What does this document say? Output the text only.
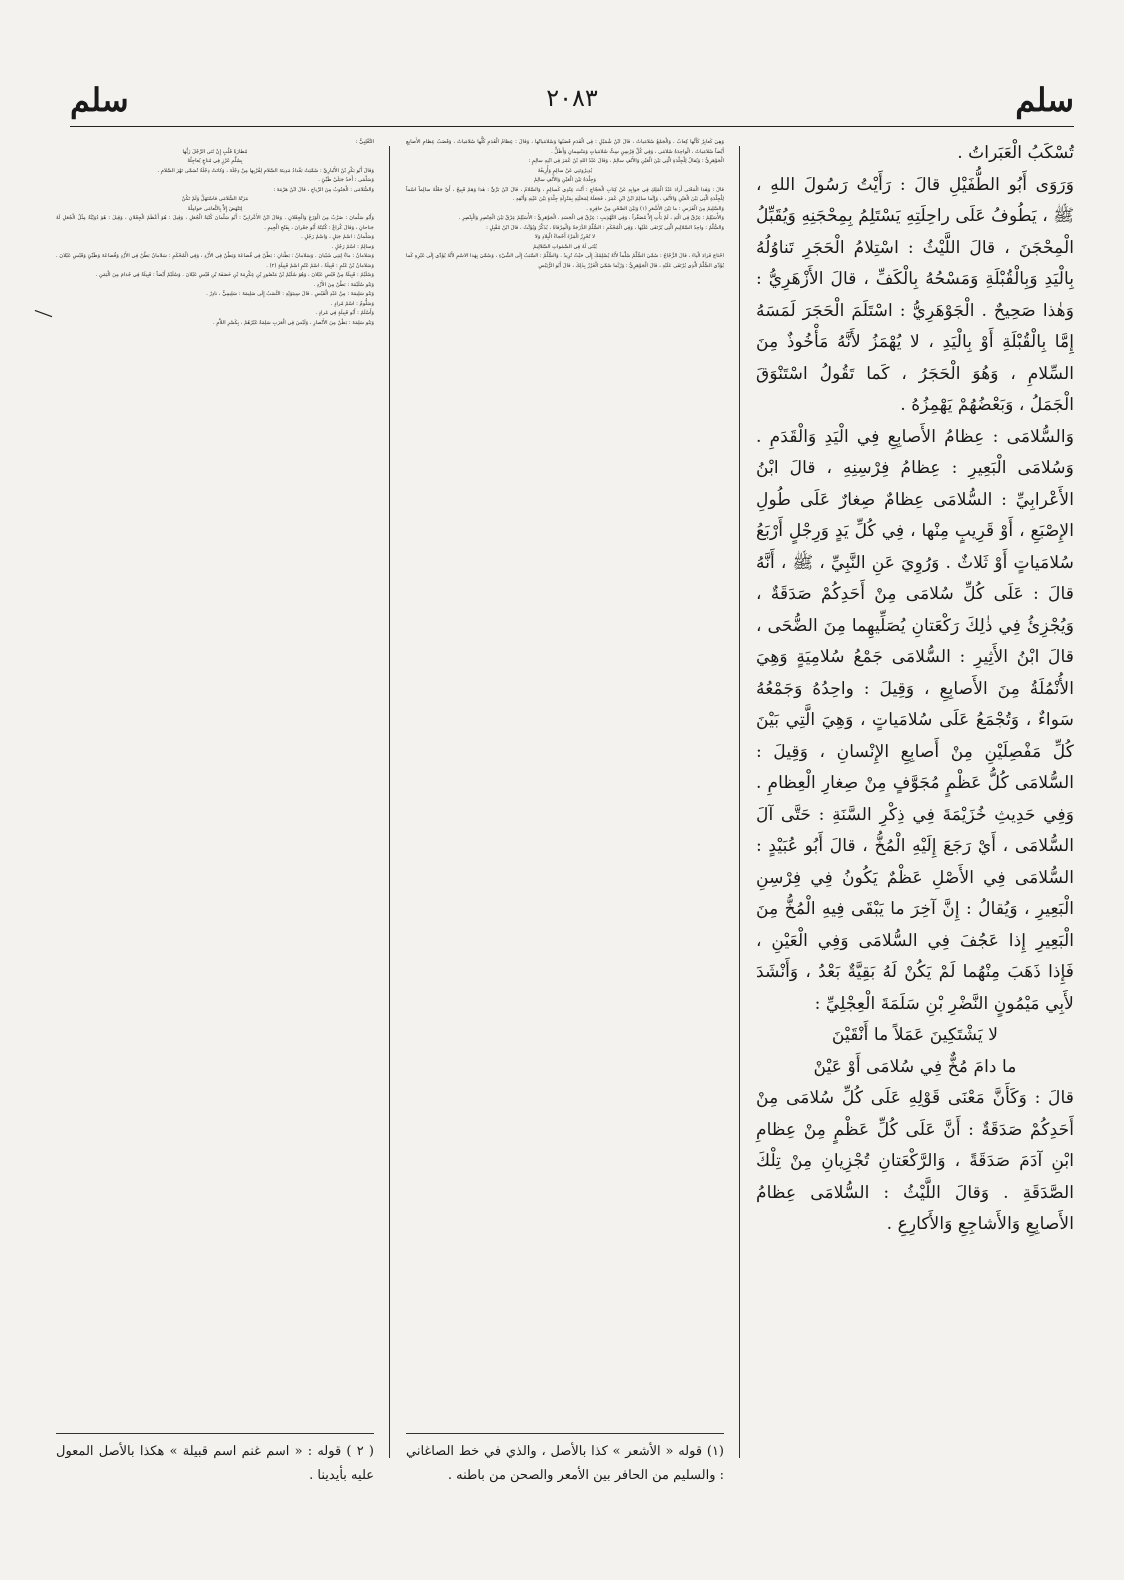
سلم
٢٠٨٣
سلم
—

تُسْكَبُ الْعَبَراتُ .

وَرَوَى أَبُو الطُّفَيْلِ قالَ : رَأَيْتُ رَسُولَ اللهِ ، ﷺ ، يَطُوفُ عَلَى راحِلَتِهِ يَسْتَلِمُ بِمِحْجَنِهِ وَيُقَبِّلُ الْمِحْجَنَ ، قالَ اللَّيْثُ : اسْتِلامُ الْحَجَرِ تَناوُلُهُ بِالْيَدِ وَبِالْقُبْلَةِ وَمَسْحُهُ بِالْكَفِّ ، قالَ الأَزْهَرِيُّ : وَهٰذا صَحِيحٌ . الْجَوْهَرِيُّ : اسْتَلَمَ الْحَجَرَ لَمَسَهُ إِمَّا بِالْقُبْلَةِ أَوْ بِالْيَدِ ، لا يُهْمَزُ لأَنَّهُ مَأْخُوذٌ مِنَ السِّلامِ ، وَهُوَ الْحَجَرُ ، كَما تَقُولُ اسْتَنْوَقَ الْجَمَلُ ، وَبَعْضُهُمْ يَهْمِزُهُ .

وَالسُّلامَى : عِظامُ الأَصابِعِ فِي الْيَدِ وَالْقَدَمِ . وَسُلامَى الْبَعِيرِ : عِظامُ فِرْسِنِهِ ، قالَ ابْنُ الأَعْرابِيِّ : السُّلامَى عِظامٌ صِغارٌ عَلَى طُولِ الإِصْبَعِ ، أَوْ قَرِيبٍ مِنْها ، فِي كُلِّ يَدٍ وَرِجْلٍ أَرْبَعُ سُلامَياتٍ أَوْ ثَلاثٌ . وَرُوِيَ عَنِ النَّبِيِّ ، ﷺ ، أَنَّهُ قالَ : عَلَى كُلِّ سُلامَى مِنْ أَحَدِكُمْ صَدَقَةٌ ، وَيُجْزِئُ فِي ذٰلِكَ رَكْعَتانِ يُصَلِّيهِما مِنَ الضُّحَى ، قالَ ابْنُ الأَثِيرِ : السُّلامَى جَمْعُ سُلامِيَةٍ وَهِيَ الأُنْمُلَةُ مِنَ الأَصابِعِ ، وَقِيلَ : واحِدُهُ وَجَمْعُهُ سَواءٌ ، وَتُجْمَعُ عَلَى سُلامَياتٍ ، وَهِيَ الَّتِي بَيْنَ كُلِّ مَفْصِلَيْنِ مِنْ أَصابِعِ الإِنْسانِ ، وَقِيلَ : السُّلامَى كُلُّ عَظْمٍ مُجَوَّفٍ مِنْ صِغارِ الْعِظامِ . وَفِي حَدِيثِ خُزَيْمَةَ فِي ذِكْرِ السَّنَةِ : حَتَّى آلَ السُّلامَى ، أَيْ رَجَعَ إِلَيْهِ الْمُخُّ ، قالَ أَبُو عُبَيْدٍ : السُّلامَى فِي الأَصْلِ عَظْمٌ يَكُونُ فِي فِرْسِنِ الْبَعِيرِ ، وَيُقالُ : إِنَّ آخِرَ ما يَبْقَى فِيهِ الْمُخُّ مِنَ الْبَعِيرِ إِذا عَجُفَ فِي السُّلامَى وَفِي الْعَيْنِ ، فَإِذا ذَهَبَ مِنْهُما لَمْ يَكُنْ لَهُ بَقِيَّةٌ بَعْدُ ، وَأَنْشَدَ لأَبِي مَيْمُونٍ النَّضْرِ بْنِ سَلَمَةَ الْعِجْلِيِّ :

لا يَشْتَكِينَ عَمَلاً ما أَنْقَيْنَ

ما دامَ مُخٌّ فِي سُلامَى أَوْ عَيْنْ

قالَ : وَكَأَنَّ مَعْنَى قَوْلِهِ عَلَى كُلِّ سُلامَى مِنْ أَحَدِكُمْ صَدَقَةٌ : أَنَّ عَلَى كُلِّ عَظْمٍ مِنْ عِظامِ ابْنِ آدَمَ صَدَقَةً ، وَالرَّكْعَتانِ تُجْزِيانِ مِنْ تِلْكَ الصَّدَقَةِ . وَقالَ اللَّيْثُ : السُّلامَى عِظامُ الأَصابِعِ وَالأَشاجِعِ وَالأَكارِعِ .

وَهِيَ كَعابِرُ كَأَنَّها كِعابٌ ، وَالْجَمْعُ سُلامَياتٌ ، قالَ ابْنُ شُمَيْلٍ : فِي الْقَدَمِ قَصَبُها وَسُلامَياتُها ، وَقالَ : عِظامُ الْقَدَمِ كُلُّها سُلامَياتٌ ، وَقَصَبُ عِظامِ الأَصابِعِ أَيْضاً سُلامَياتٌ ، الْواحِدَةُ سُلامَى ، وَفِي كُلِّ فِرْسِنٍ سِتُّ سُلامَياتٍ وَمَنْسِمانِ وَأَظَلُّ .

الْجَوْهَرِيُّ : وَيُقالُ لِلْجِلْدَةِ الَّتِي بَيْنَ الْعَيْنِ وَالأَنْفِ سالِمٌ ، وَقالَ عَبْدُ اللهِ بْنُ عُمَرَ فِي ابْنِهِ سالِمٍ :

يُدِيرُونَنِي عَنْ سالِمٍ وَأُرِيغُهُ

وَجِلْدَةُ بَيْنَ الْعَيْنِ وَالأَنْفِ سالِمُ

قالَ : وَهٰذا الْمَعْنَى أَرادَ عَبْدُ الْمَلِكِ فِي جَوابِهِ عَنْ كِتابِ الْحَجّاجِ : أَنْتَ عِنْدِي كَسالِمٍ ، وَالسَّلامُ ، قالَ ابْنُ بَرِّيٍّ : هٰذا وَهَمٌ قَبِيحٌ ، أَيْ جَعْلُهُ سالِماً اسْماً لِلْجِلْدَةِ الَّتِي بَيْنَ الْعَيْنِ وَالأَنْفِ ، وَإِنَّما سالِمٌ ابْنُ ابْنِ عُمَرَ ، فَجَعَلَهُ لِمَحَبَّتِهِ بِمَنْزِلَةِ جِلْدَةٍ بَيْنَ عَيْنِهِ وَأَنْفِهِ .

وَالسَّلِيمُ مِنَ الْفَرَسِ : ما بَيْنَ الأَشْعَرِ (١) وَبَيْنَ الصَّحْنِ مِنْ حافِرِهِ .

وَالأُسَيْلِمُ : عِرْقٌ فِي الْيَدِ ، لَمْ يَأْتِ إِلاَّ مُصَغَّراً ، وَفِي التَّهْذِيبِ : عِرْقٌ فِي الْجَسَدِ . الْجَوْهَرِيُّ : الأُسَيْلِمُ عِرْقٌ بَيْنَ الْخِنْصِرِ وَالْبِنْصِرِ .

وَالسُّلَّمُ : واحِدُ السَّلالِيمِ الَّتِي يُرْتَقَى عَلَيْها ، وَفِي الْمُحْكَمِ : السُّلَّمُ الدَّرَجَةُ وَالْمِرْقاةُ ، يُذَكَّرُ وَيُؤَنَّثُ ، قالَ ابْنُ مُقْبِلٍ :

لا تُحْرِزُ الْمَرْءَ أَحْجاءُ الْبِلادِ وَلا

يُبْنَى لَهُ فِي السَّمٰواتِ السَّلالِيمُ

احْتاجَ فَزادَ الْياءَ ، قالَ الزَّجّاجُ : سُمِّيَ السُّلَّمُ سُلَّماً لأَنَّهُ يُسْلِمُكَ إِلَى حَيْثُ تُرِيدُ . وَالسُّلَّمُ : السَّبَبُ إِلَى الشَّيْءِ ، وَسُمِّيَ بِهٰذا الاسْمِ لأَنَّهُ يُؤَدِّي إِلَى غَيْرِهِ كَما يُؤَدِّي السُّلَّمُ الَّذِي يُرْتَقَى عَلَيْهِ ، قالَ الْجَوْهَرِيُّ : وَرُبَّما سُمِّيَ الْغَرْزُ بِذٰلِكَ ، قالَ أَبُو الرُّبَيْسِ

(١) قوله « الأشعر » كذا بالأصل ، والذي في خط الصاغاني : والسليم من الحافر بين الأمعر والصحن من باطنه .

التَّغْلِبِيُّ :

مُطارَةُ قَلْبٍ إِنْ ثَنَى الرِّجْلَ رَبُّها

بِسُلَّمِ غَرْزٍ فِي مُناخٍ يُعاجِلُهْ

وَقالَ أَبُو بَكْرِ بْنُ الأَنْبارِيِّ : سُمِّيَتْ بَغْدادُ مَدِينَةَ السَّلامِ لِقُرْبِها مِنْ دِجْلَةَ ، وَكانَتْ دِجْلَةُ تُسَمَّى نَهْرَ السَّلامِ .

وَسَلْمَى : أَحَدُ جَبَلَيْ طَيِّئٍ .

وَالسُّلامَى : الْجَنُوبُ مِنَ الرِّياحِ ، قالَ ابْنُ هَرْمَةَ :

مَرَتْهُ السُّلامَى فاسْتَهَلَّ وَلَمْ تَكُنْ

لِتَنْهَضَ إِلاَّ بِالنُّعامَى حَوامِلُهْ

وَأَبُو سَلْمانَ : ضَرْبٌ مِنَ الْوَزَغِ وَالْجِعْلانِ . وَقالَ ابْنُ الأَعْرابِيِّ : أَبُو سَلْمانَ كُنْيَةُ الْجُعَلِ ، وَقِيلَ : هُوَ أَعْظَمُ الْجِعْلانِ ، وَقِيلَ : هُوَ دُوَيْبَّةٌ مِثْلُ الْجُعَلِ لَهُ جَناحانِ ، وَقالَ كُراعٌ : كُنْيَتُهُ أَبُو جَعْرانَ ، بِفَتْحِ الْجِيمِ .

وَسَلْمانُ : اسْمُ جَبَلٍ ، وَاسْمُ رَجُلٍ .

وَسالِمٌ : اسْمُ رَجُلٍ .

وَسَلامانُ : ماءٌ لِبَنِي شَيْبانَ . وَسَلامانُ : بَطْنانِ : بَطْنٌ فِي قُضاعَةَ وَبَطْنٌ فِي الأَزْدِ ، وَفِي الْمُحْكَمِ : سَلامانُ بَطْنٌ فِي الأَزْدِ وَقُضاعَةَ وَطَيِّئٍ وَقَيْسِ عَيْلانَ . وَسَلامانُ بْنُ غَنْمٍ : قَبِيلَةٌ ، اسْمُ غَنْمٍ اسْمُ قَبِيلَةٍ (٢) .

وَسُلَيْمٌ : قَبِيلَةٌ مِنْ قَيْسِ عَيْلانَ ، وَهُوَ سُلَيْمُ بْنُ مَنْصُورِ بْنِ عِكْرِمَةَ بْنِ خَصَفَةَ بْنِ قَيْسِ عَيْلانَ . وَسُلَيْمٌ أَيْضاً : قَبِيلَةٌ فِي جُذامَ مِنَ الْيَمَنِ .

وَبَنُو سُلَيْمَةَ : بَطْنٌ مِنَ الأَزْدِ .

وَبَنُو سَلِيمَةَ : مِنْ عَبْدِ الْقَيْسِ . قالَ سِيبَوَيْهِ : النَّسَبُ إِلَى سَلِيمَةَ : سَلِيمِيٌّ ، نادِرٌ .

وَسَلُّومٌ : اسْمُ مُرادٍ .

وَأَسْلَمُ : أَبُو قَبِيلَةٍ فِي مُرادٍ .

وَبَنُو سَلِمَةَ : بَطْنٌ مِنَ الأَنْصارِ ، وَلَيْسَ فِي الْعَرَبِ سَلِمَةُ غَيْرُهُمْ ، بِكَسْرِ اللاَّمِ .

( ٢ ) قوله : « اسم غنم اسم قبيلة » هكذا بالأصل المعول عليه بأيدينا .
